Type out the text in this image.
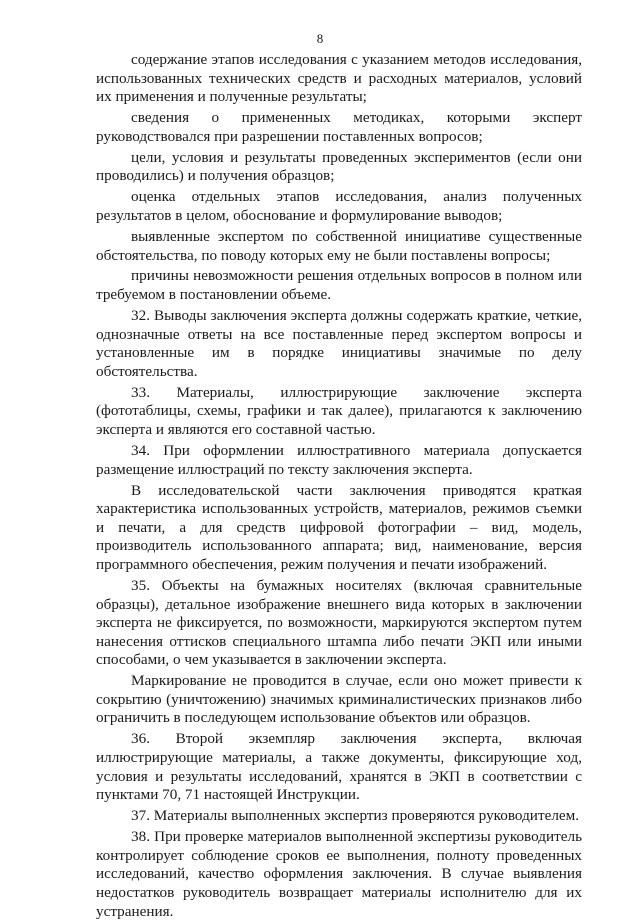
8

содержание этапов исследования с указанием методов исследования, использованных технических средств и расходных материалов, условий их применения и полученные результаты;

сведения о примененных методиках, которыми эксперт руководствовался при разрешении поставленных вопросов;

цели, условия и результаты проведенных экспериментов (если они проводились) и получения образцов;

оценка отдельных этапов исследования, анализ полученных результатов в целом, обоснование и формулирование выводов;

выявленные экспертом по собственной инициативе существенные обстоятельства, по поводу которых ему не были поставлены вопросы;

причины невозможности решения отдельных вопросов в полном или требуемом в постановлении объеме.

32. Выводы заключения эксперта должны содержать краткие, четкие, однозначные ответы на все поставленные перед экспертом вопросы и установленные им в порядке инициативы значимые по делу обстоятельства.

33. Материалы, иллюстрирующие заключение эксперта (фототаблицы, схемы, графики и так далее), прилагаются к заключению эксперта и являются его составной частью.

34. При оформлении иллюстративного материала допускается размещение иллюстраций по тексту заключения эксперта.

В исследовательской части заключения приводятся краткая характеристика использованных устройств, материалов, режимов съемки и печати, а для средств цифровой фотографии – вид, модель, производитель использованного аппарата; вид, наименование, версия программного обеспечения, режим получения и печати изображений.

35. Объекты на бумажных носителях (включая сравнительные образцы), детальное изображение внешнего вида которых в заключении эксперта не фиксируется, по возможности, маркируются экспертом путем нанесения оттисков специального штампа либо печати ЭКП или иными способами, о чем указывается в заключении эксперта.

Маркирование не проводится в случае, если оно может привести к сокрытию (уничтожению) значимых криминалистических признаков либо ограничить в последующем использование объектов или образцов.

36. Второй экземпляр заключения эксперта, включая иллюстрирующие материалы, а также документы, фиксирующие ход, условия и результаты исследований, хранятся в ЭКП в соответствии с пунктами 70, 71 настоящей Инструкции.

37. Материалы выполненных экспертиз проверяются руководителем.

38. При проверке материалов выполненной экспертизы руководитель контролирует соблюдение сроков ее выполнения, полноту проведенных исследований, качество оформления заключения. В случае выявления недостатков руководитель возвращает материалы исполнителю для их устранения.
